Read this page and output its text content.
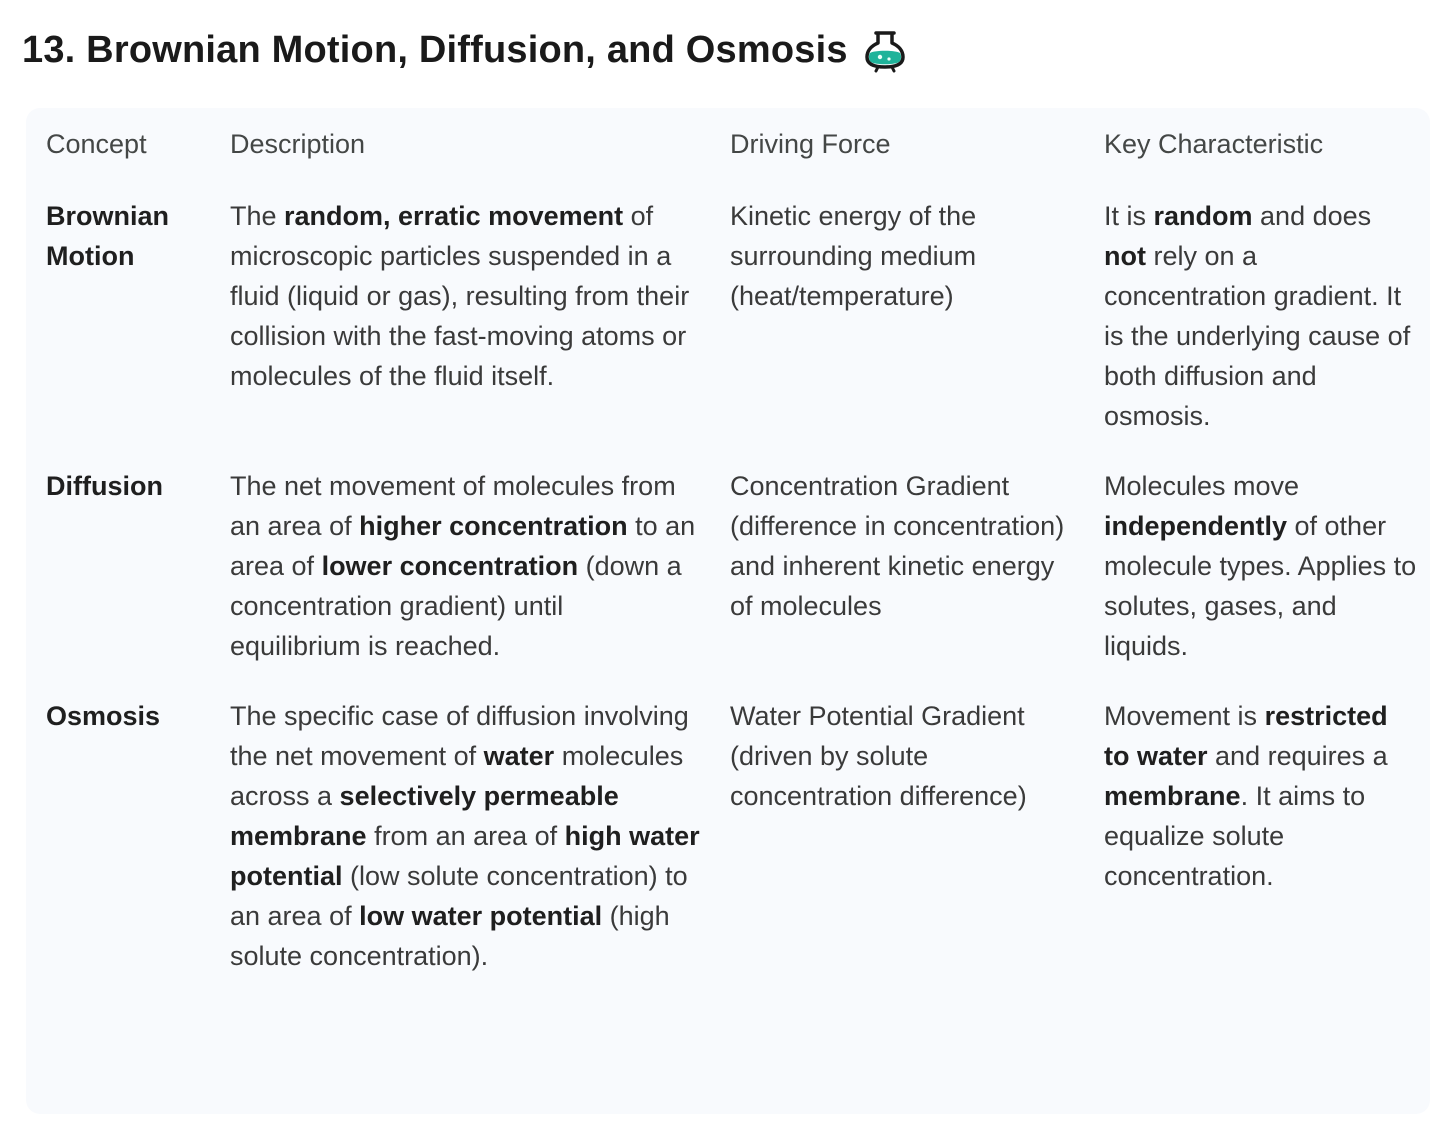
13. Brownian Motion, Diffusion, and Osmosis
Concept	Description	Driving Force	Key Characteristic
Brownian Motion	The random, erratic movement of microscopic particles suspended in a fluid (liquid or gas), resulting from their collision with the fast-moving atoms or molecules of the fluid itself.	Kinetic energy of the surrounding medium (heat/temperature)	It is random and does not rely on a concentration gradient. It is the underlying cause of both diffusion and osmosis.
Diffusion	The net movement of molecules from an area of higher concentration to an area of lower concentration (down a concentration gradient) until equilibrium is reached.	Concentration Gradient (difference in concentration) and inherent kinetic energy of molecules	Molecules move independently of other molecule types. Applies to solutes, gases, and liquids.
Osmosis	The specific case of diffusion involving the net movement of water molecules across a selectively permeable membrane from an area of high water potential (low solute concentration) to an area of low water potential (high solute concentration).	Water Potential Gradient (driven by solute concentration difference)	Movement is restricted to water and requires a membrane. It aims to equalize solute concentration.
